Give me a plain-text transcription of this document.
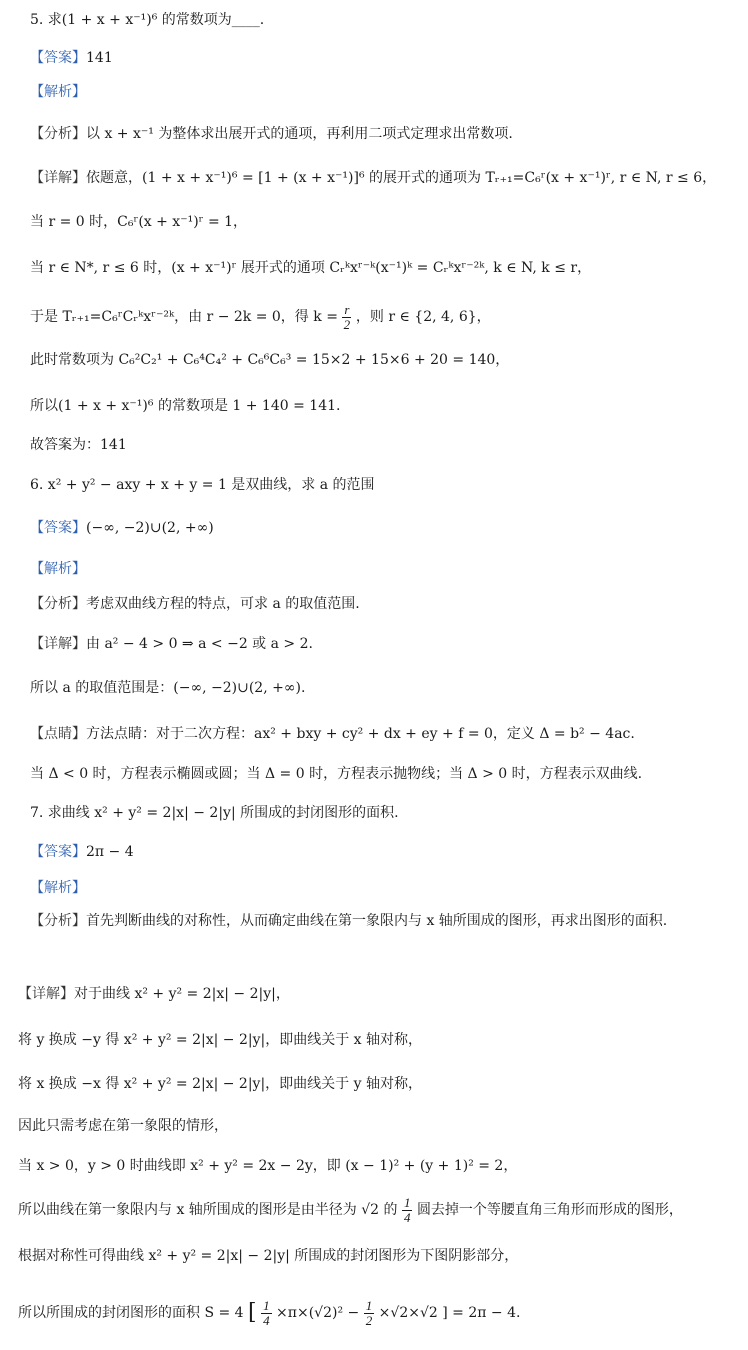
5. 求(1 + x + x⁻¹)⁶ 的常数项为____.
【答案】141
【解析】
【分析】以 x + x⁻¹ 为整体求出展开式的通项，再利用二项式定理求出常数项.
【详解】依题意，(1 + x + x⁻¹)⁶ = [1 + (x + x⁻¹)]⁶ 的展开式的通项为 Tᵣ₊₁=C₆ʳ(x + x⁻¹)ʳ, r ∈ N, r ≤ 6，
当 r = 0 时，C₆ʳ(x + x⁻¹)ʳ = 1，
当 r ∈ N*, r ≤ 6 时，(x + x⁻¹)ʳ 展开式的通项 Cᵣᵏxʳ⁻ᵏ(x⁻¹)ᵏ = Cᵣᵏxʳ⁻²ᵏ, k ∈ N, k ≤ r，
于是 Tᵣ₊₁=C₆ʳCᵣᵏxʳ⁻²ᵏ，由 r − 2k = 0，得 $k = \frac{r}{2}$ ，则 r ∈ {2, 4, 6}，
此时常数项为 C₆²C₂¹ + C₆⁴C₄² + C₆⁶C₆³ = 15×2 + 15×6 + 20 = 140，
所以(1 + x + x⁻¹)⁶ 的常数项是 1 + 140 = 141.
故答案为：141
6. x² + y² − axy + x + y = 1 是双曲线，求 a 的范围
【答案】(−∞, −2)∪(2, +∞)
【解析】
【分析】考虑双曲线方程的特点，可求 a 的取值范围.
【详解】由 a² − 4 > 0 ⇒ a < −2 或 a > 2.
所以 a 的取值范围是：(−∞, −2)∪(2, +∞).
【点睛】方法点睛：对于二次方程：ax² + bxy + cy² + dx + ey + f = 0，定义 Δ = b² − 4ac.
当 Δ < 0 时，方程表示椭圆或圆；当 Δ = 0 时，方程表示抛物线；当 Δ > 0 时，方程表示双曲线.
7. 求曲线 x² + y² = 2|x| − 2|y| 所围成的封闭图形的面积.
【答案】2π − 4
【解析】
【分析】首先判断曲线的对称性，从而确定曲线在第一象限内与 x 轴所围成的图形，再求出图形的面积.
【详解】对于曲线 x² + y² = 2|x| − 2|y|，
将 y 换成 −y 得 x² + y² = 2|x| − 2|y|，即曲线关于 x 轴对称，
将 x 换成 −x 得 x² + y² = 2|x| − 2|y|，即曲线关于 y 轴对称，
因此只需考虑在第一象限的情形，
当 x > 0，y > 0 时曲线即 x² + y² = 2x − 2y，即 (x − 1)² + (y + 1)² = 2，
所以曲线在第一象限内与 x 轴所围成的图形是由半径为 √2 的 $\frac{1}{4}$ 圆去掉一个等腰直角三角形而形成的图形，
根据对称性可得曲线 x² + y² = 2|x| − 2|y| 所围成的封闭图形为下图阴影部分，
所以所围成的封闭图形的面积 S = 4 [ $\frac{1}{4} \times\pi\times(√2)^2 - \frac{1}{2} \times√2\times√2$ ] = 2π − 4.
